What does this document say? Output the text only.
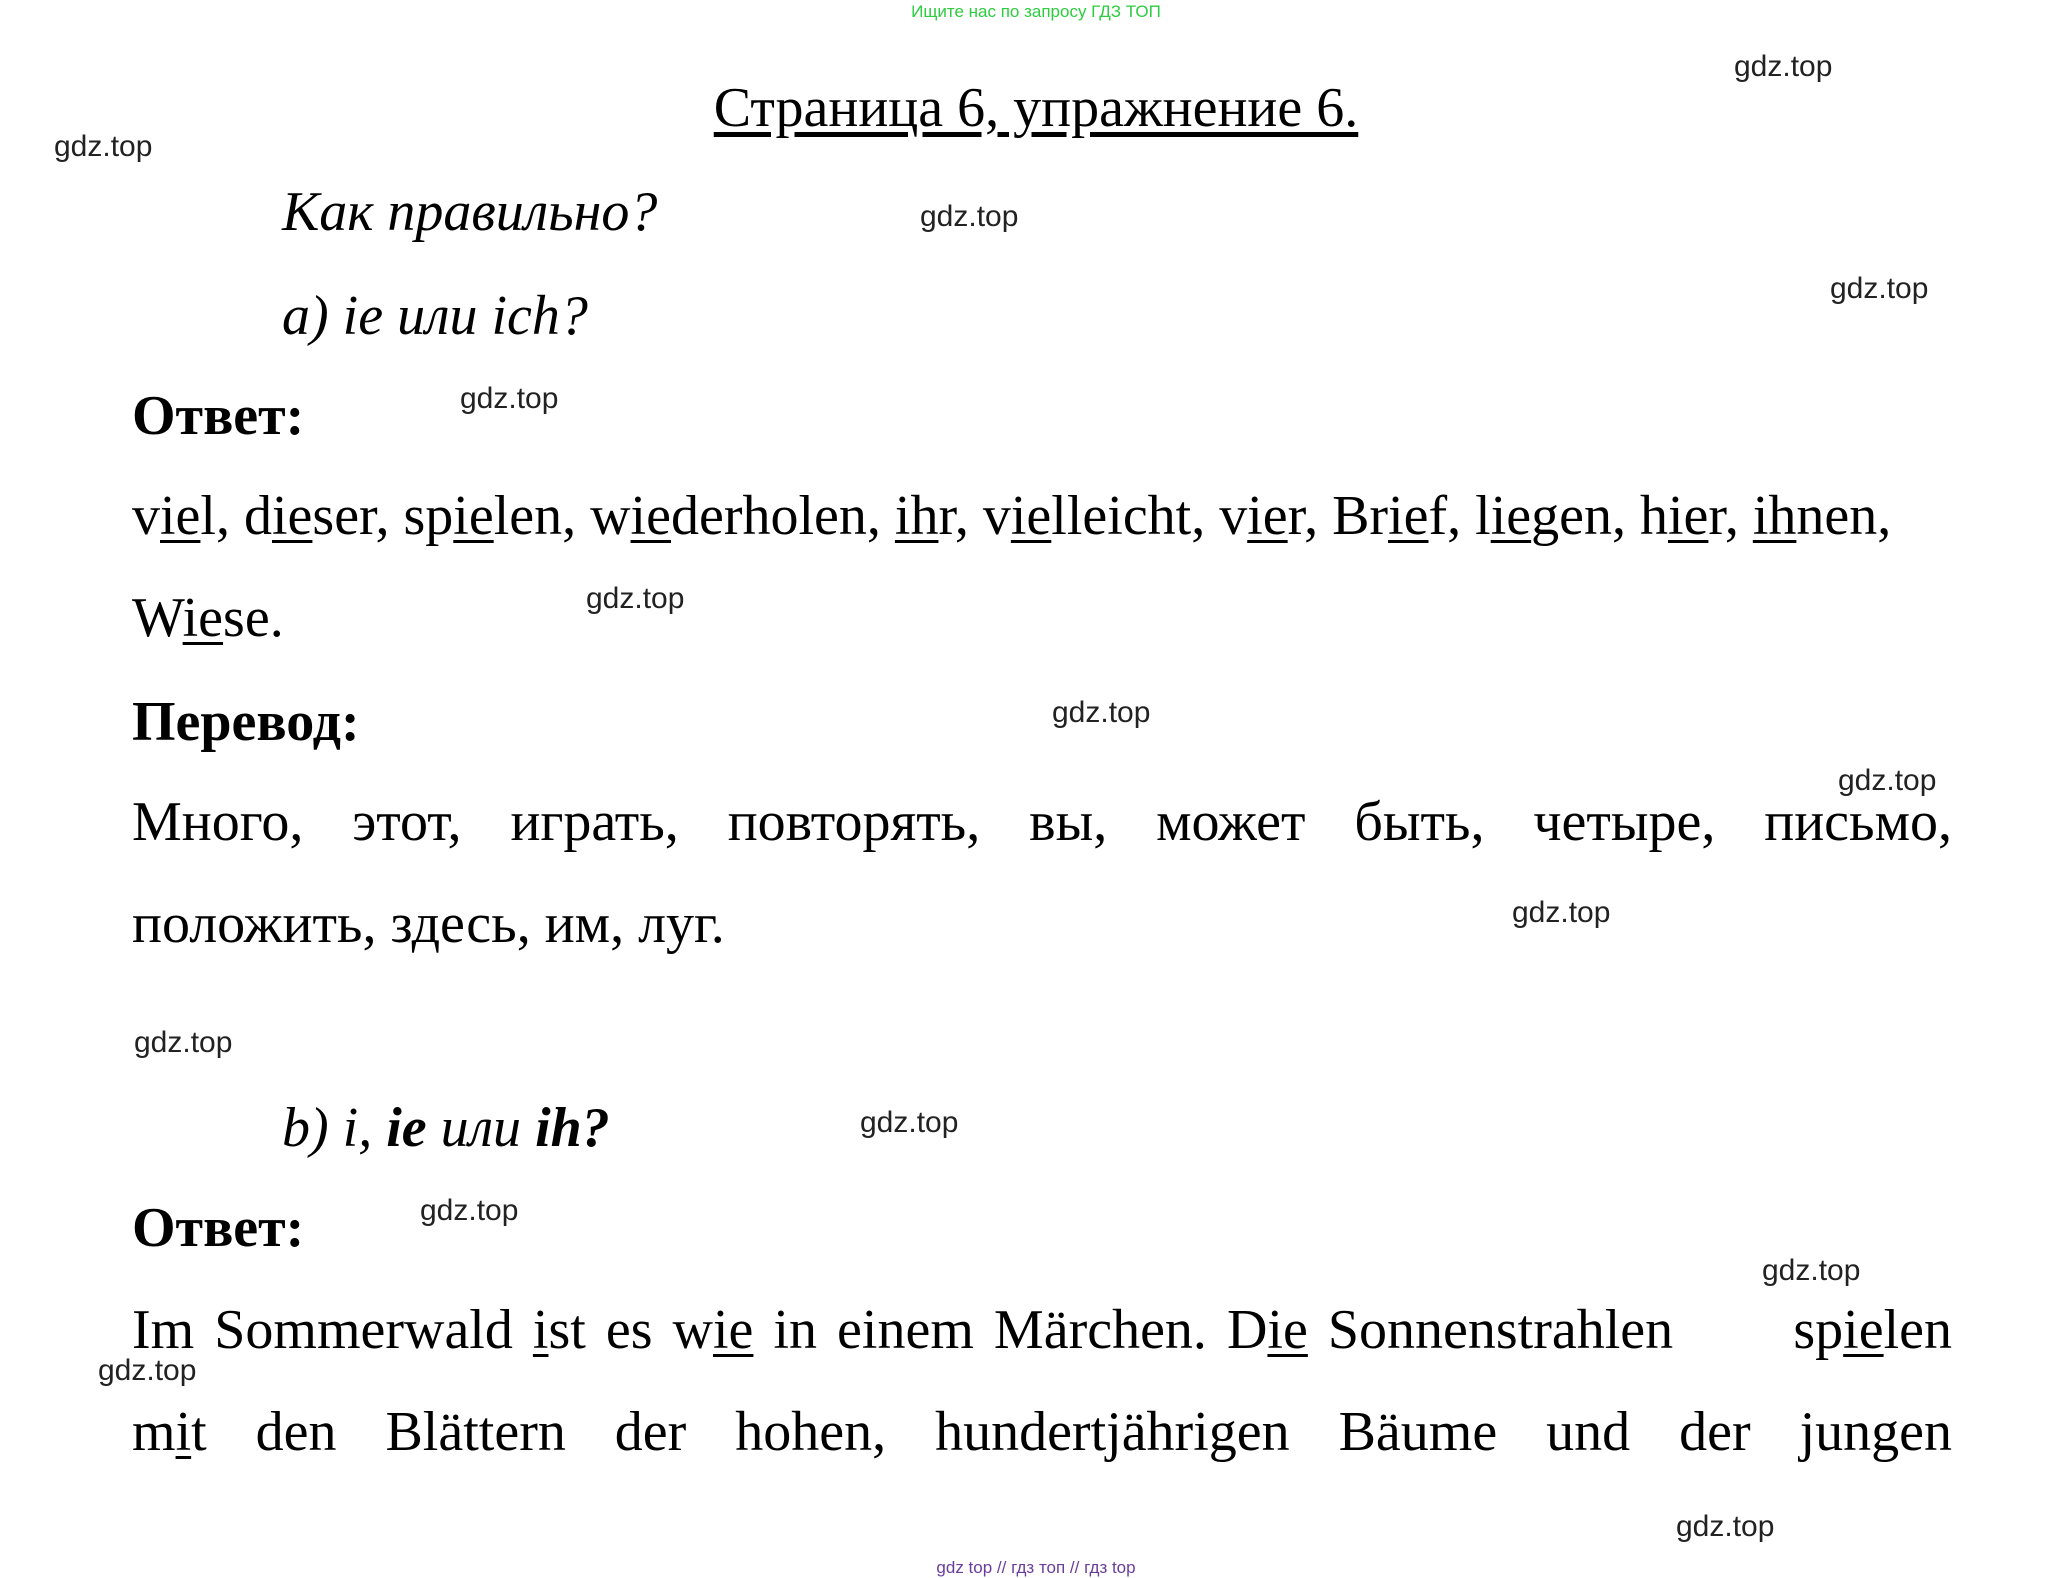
Ищите нас по запросу ГДЗ ТОП
Страница 6, упражнение 6.
Как правильно?
а) ie или ich?
Ответ:
viel, dieser, spielen, wiederholen, ihr, vielleicht, vier, Brief, liegen, hier, ihnen,
Wiese.
Перевод:
Много, этот, играть, повторять, вы, может быть, четыре, письмо,
положить, здесь, им, луг.
b) i, ie или ih?
Ответ:
Im Sommerwald ist es wie in einem Märchen. Die Sonnenstrahlen      spielen
mit den Blättern der hohen, hundertjährigen Bäume und der jungen
gdz.top
gdz.top
gdz.top
gdz.top
gdz.top
gdz.top
gdz.top
gdz.top
gdz.top
gdz.top
gdz.top
gdz.top
gdz.top
gdz.top
gdz.top
gdz top // гдз топ // гдз top
